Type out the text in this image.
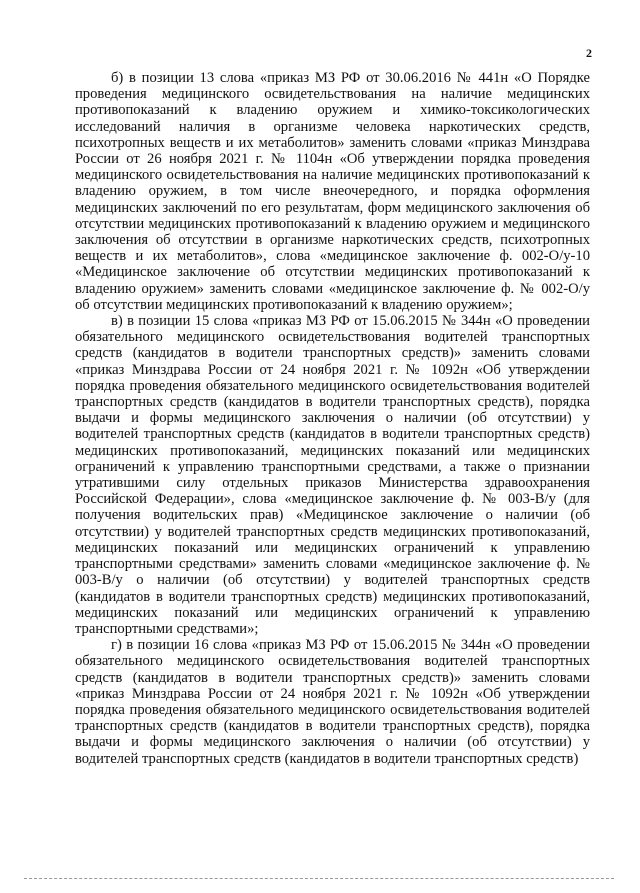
2

б) в позиции 13 слова «приказ МЗ РФ от 30.06.2016 № 441н «О Порядке проведения медицинского освидетельствования на наличие медицинских противопоказаний к владению оружием и химико-токсикологических исследований наличия в организме человека наркотических средств, психотропных веществ и их метаболитов» заменить словами «приказ Минздрава России от 26 ноября 2021 г. № 1104н «Об утверждении порядка проведения медицинского освидетельствования на наличие медицинских противопоказаний к владению оружием, в том числе внеочередного, и порядка оформления медицинских заключений по его результатам, форм медицинского заключения об отсутствии медицинских противопоказаний к владению оружием и медицинского заключения об отсутствии в организме наркотических средств, психотропных веществ и их метаболитов», слова «медицинское заключение ф. 002-О/у-10 «Медицинское заключение об отсутствии медицинских противопоказаний к владению оружием» заменить словами «медицинское заключение ф. № 002-О/у об отсутствии медицинских противопоказаний к владению оружием»;

в) в позиции 15 слова «приказ МЗ РФ от 15.06.2015 № 344н «О проведении обязательного медицинского освидетельствования водителей транспортных средств (кандидатов в водители транспортных средств)» заменить словами «приказ Минздрава России от 24 ноября 2021 г. № 1092н «Об утверждении порядка проведения обязательного медицинского освидетельствования водителей транспортных средств (кандидатов в водители транспортных средств), порядка выдачи и формы медицинского заключения о наличии (об отсутствии) у водителей транспортных средств (кандидатов в водители транспортных средств) медицинских противопоказаний, медицинских показаний или медицинских ограничений к управлению транспортными средствами, а также о признании утратившими силу отдельных приказов Министерства здравоохранения Российской Федерации», слова «медицинское заключение ф. № 003-В/у (для получения водительских прав) «Медицинское заключение о наличии (об отсутствии) у водителей транспортных средств медицинских противопоказаний, медицинских показаний или медицинских ограничений к управлению транспортными средствами» заменить словами «медицинское заключение ф. № 003-В/у о наличии (об отсутствии) у водителей транспортных средств (кандидатов в водители транспортных средств) медицинских противопоказаний, медицинских показаний или медицинских ограничений к управлению транспортными средствами»;

г) в позиции 16 слова «приказ МЗ РФ от 15.06.2015 № 344н «О проведении обязательного медицинского освидетельствования водителей транспортных средств (кандидатов в водители транспортных средств)» заменить словами «приказ Минздрава России от 24 ноября 2021 г. № 1092н «Об утверждении порядка проведения обязательного медицинского освидетельствования водителей транспортных средств (кандидатов в водители транспортных средств), порядка выдачи и формы медицинского заключения о наличии (об отсутствии) у водителей транспортных средств (кандидатов в водители транспортных средств)
